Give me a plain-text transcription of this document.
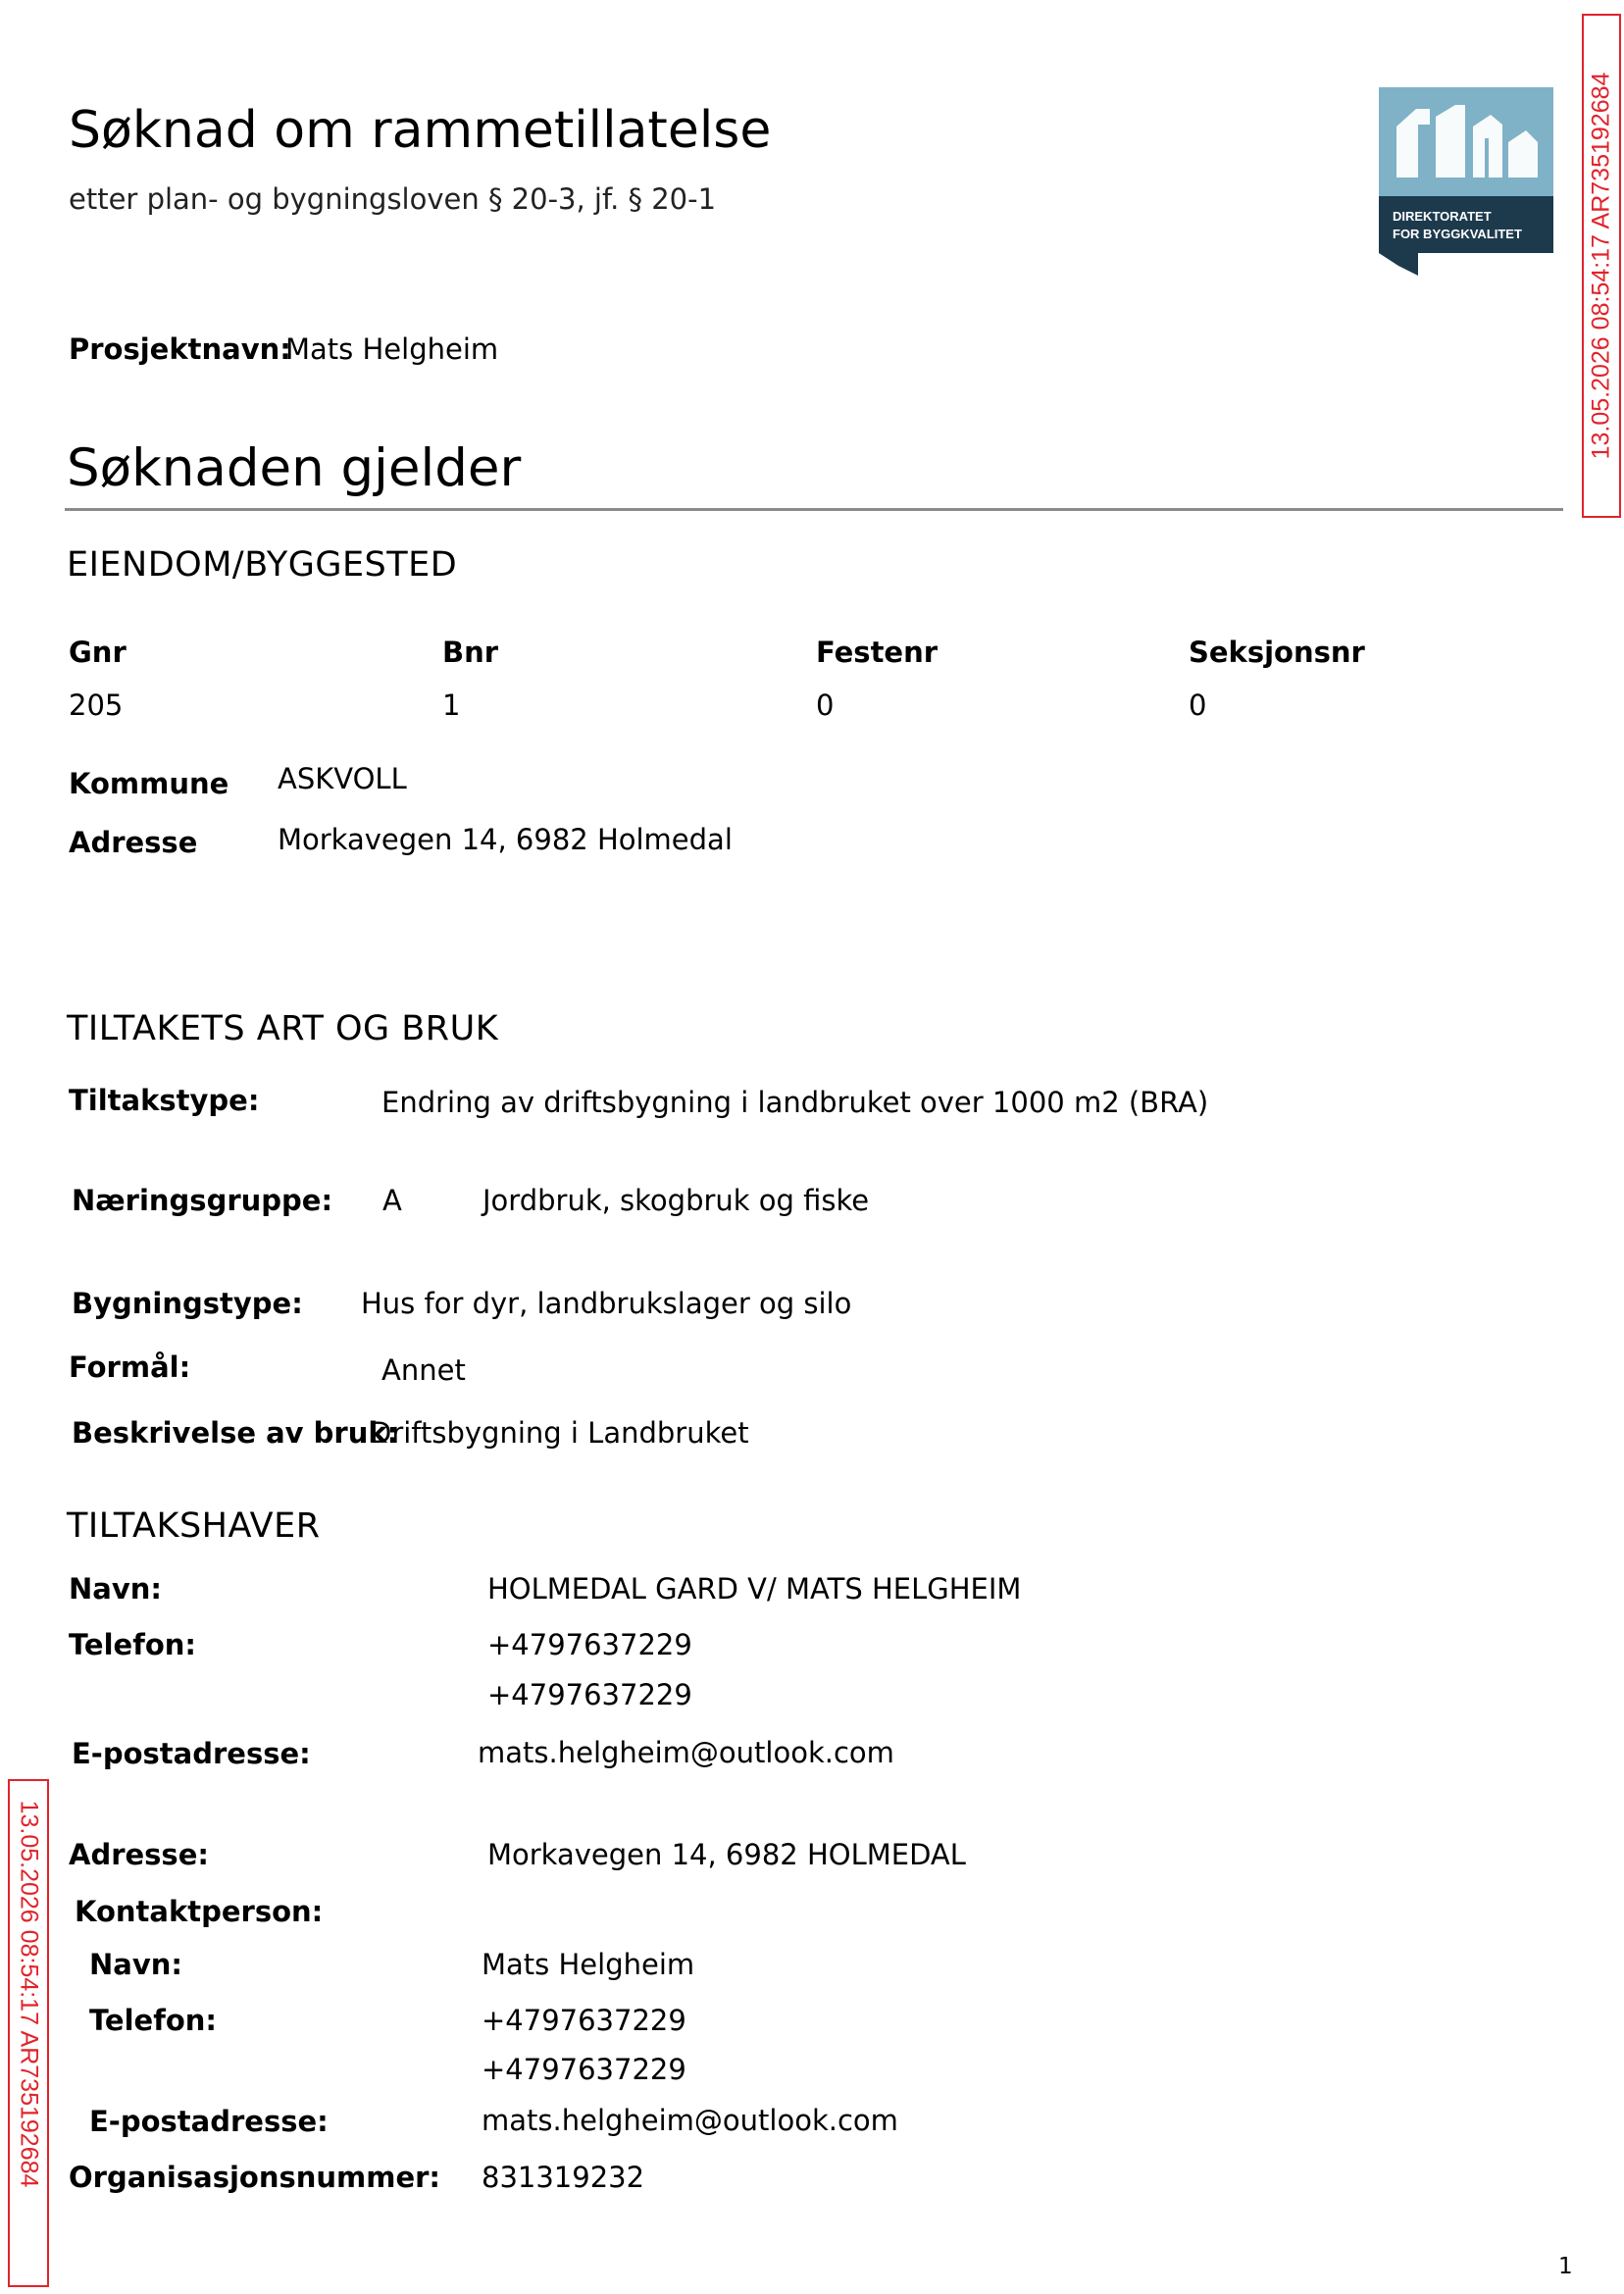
Søknad om rammetillatelse
etter plan- og bygningsloven § 20-3, jf. § 20-1
DIREKTORATET
FOR BYGGKVALITET	13.05.2026 08:54:17 AR735192684
13.05.2026 08:54:17 AR735192684
Prosjektnavn:
Mats Helgheim
Søknaden gjelder
EIENDOM/BYGGESTED
Gnr	Bnr	Festenr	Seksjonsnr
205	1	0	0
Kommune ASKVOLL
Adresse	Morkavegen 14, 6982 Holmedal
TILTAKETS ART OG BRUK
Tiltakstype:	Endring av driftsbygning i landbruket over 1000 m2 (BRA)
Næringsgruppe: A	Jordbruk, skogbruk og fiske
Bygningstype: Hus for dyr, landbrukslager og silo
Formål:	Annet
Beskrivelse av bruk:
Driftsbygning i Landbruket
TILTAKSHAVER
Navn:	HOLMEDAL GARD V/ MATS HELGHEIM
Telefon:	+4797637229
+4797637229
E-postadresse:	mats.helgheim@outlook.com
Adresse:	Morkavegen 14, 6982 HOLMEDAL
Kontaktperson:
Navn:	Mats Helgheim
Telefon:	+4797637229
+4797637229
E-postadresse:	mats.helgheim@outlook.com
Organisasjonsnummer: 831319232
1
